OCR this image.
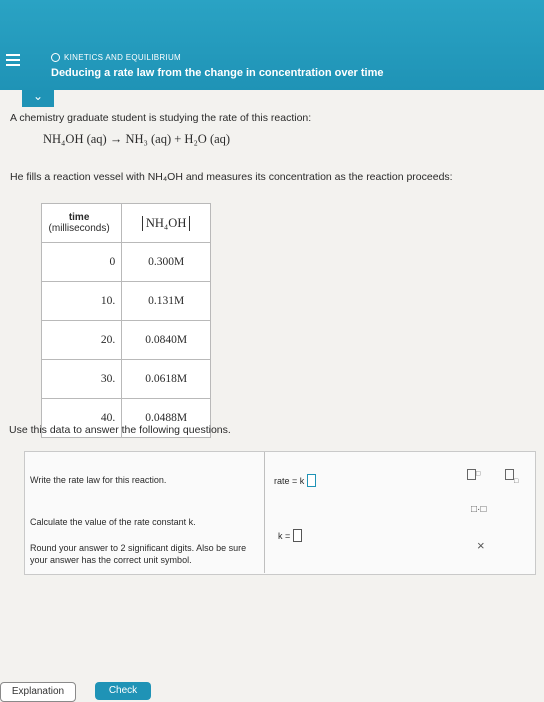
KINETICS AND EQUILIBRIUM
Deducing a rate law from the change in concentration over time
⌄
A chemistry graduate student is studying the rate of this reaction:
NH₄OH (aq) → NH₃ (aq) + H₂O (aq)
He fills a reaction vessel with NH₄OH and measures its concentration as the reaction proceeds:
time
(milliseconds)	NH₄OH
0	0.300M
10.	0.131M
20.	0.0840M
30.	0.0618M
40.	0.0488M
Use this data to answer the following questions.
Write the rate law for this reaction.
Calculate the value of the rate constant k.
Round your answer to 2 significant digits. Also be sure your answer has the correct unit symbol.
rate = k
k =
□
$_□$
□·□
×
Explanation	Check
